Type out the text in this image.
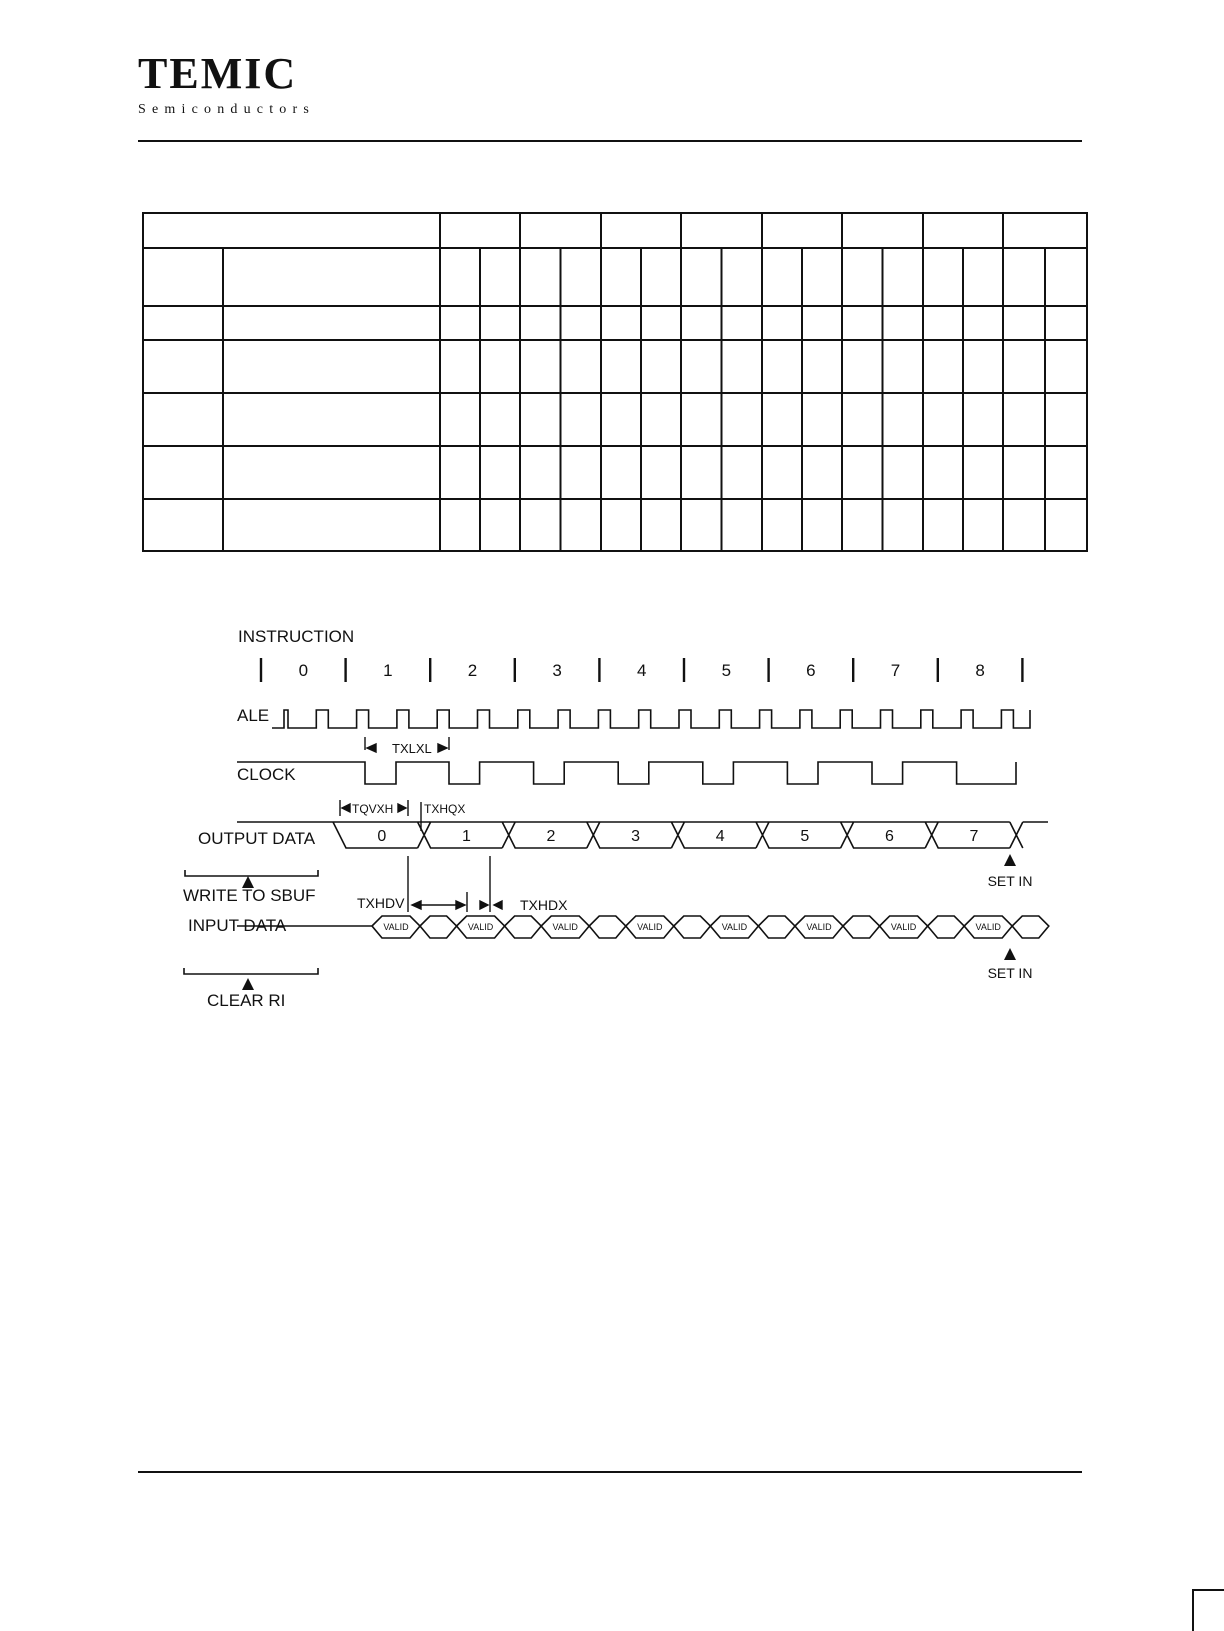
TEMIC
Semiconductors
INSTRUCTION
0	1	2	3	4	5	6	7	8
ALE
TXLXL
CLOCK
TQVXH	TXHQX
OUTPUT DATA	0	1	2	3	4	5	6	7
WRITE TO SBUF
SET IN
TXHDV	TXHDX
INPUT DATA	VALID	VALID	VALID	VALID	VALID	VALID	VALID	VALID
CLEAR RI
SET IN
